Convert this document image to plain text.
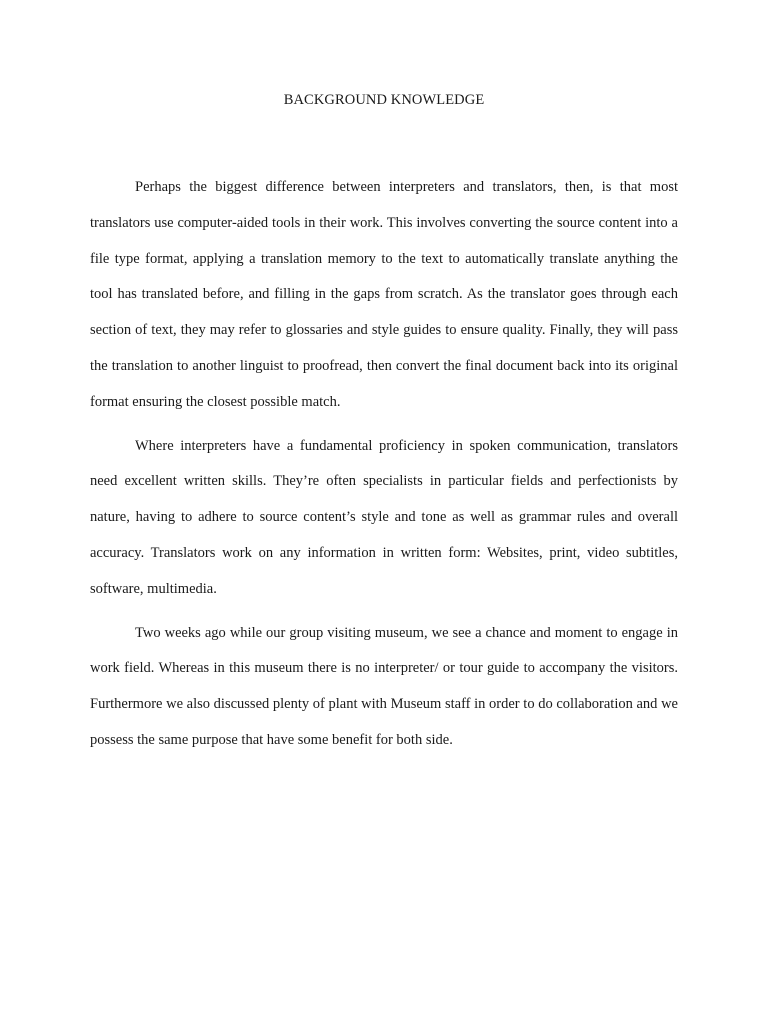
BACKGROUND KNOWLEDGE

Perhaps the biggest difference between interpreters and translators, then, is that most translators use computer-aided tools in their work. This involves converting the source content into a file type format, applying a translation memory to the text to automatically translate anything the tool has translated before, and filling in the gaps from scratch. As the translator goes through each section of text, they may refer to glossaries and style guides to ensure quality. Finally, they will pass the translation to another linguist to proofread, then convert the final document back into its original format ensuring the closest possible match.

Where interpreters have a fundamental proficiency in spoken communication, translators need excellent written skills. They’re often specialists in particular fields and perfectionists by nature, having to adhere to source content’s style and tone as well as grammar rules and overall accuracy. Translators work on any information in written form: Websites, print, video subtitles, software, multimedia.

Two weeks ago while our group visiting museum, we see a chance and moment to engage in work field. Whereas in this museum there is no interpreter/ or tour guide to accompany the visitors. Furthermore we also discussed plenty of plant with Museum staff in order to do collaboration and we possess the same purpose that have some benefit for both side.
